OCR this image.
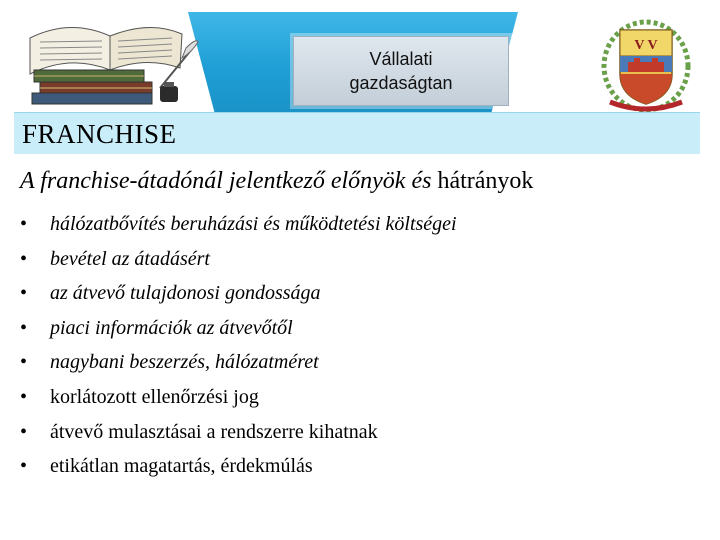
Vállalati
gazdaságtan
V V
FRANCHISE
A franchise-átadónál jelentkező előnyök és hátrányok
•	hálózatbővítés beruházási és működtetési költségei
•	bevétel az átadásért
•	az átvevő tulajdonosi gondossága
•	piaci információk az átvevőtől
•	nagybani beszerzés, hálózatméret
•	korlátozott ellenőrzési jog
•	átvevő mulasztásai a rendszerre kihatnak
•	etikátlan magatartás, érdekmúlás
